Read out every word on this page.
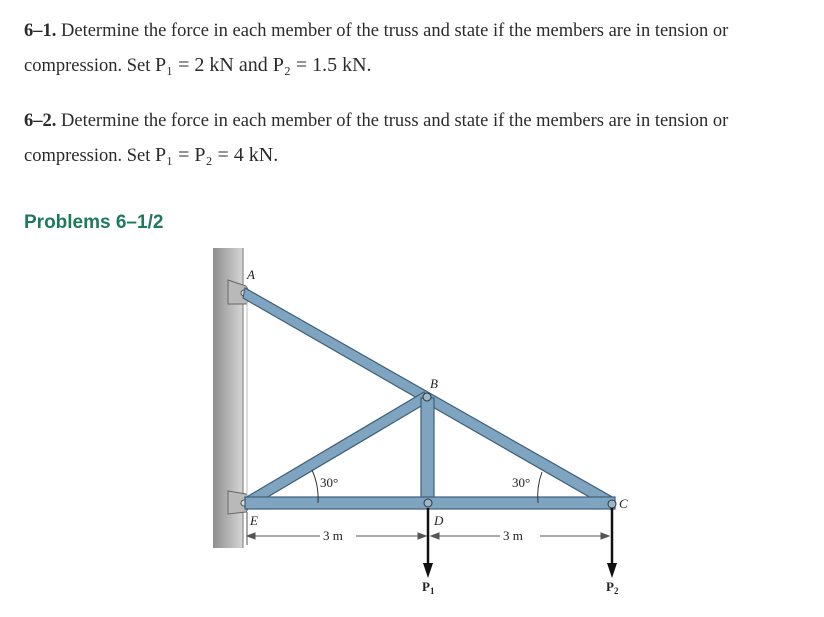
6–1. Determine the force in each member of the truss and state if the members are in tension or compression. Set P₁ = 2 kN and P₂ = 1.5 kN.
6–2. Determine the force in each member of the truss and state if the members are in tension or compression. Set P₁ = P₂ = 4 kN.
Problems 6–1/2
A
B
C
D
E
30°	30°
3 m	3 m
$P_1$	$P_2$
